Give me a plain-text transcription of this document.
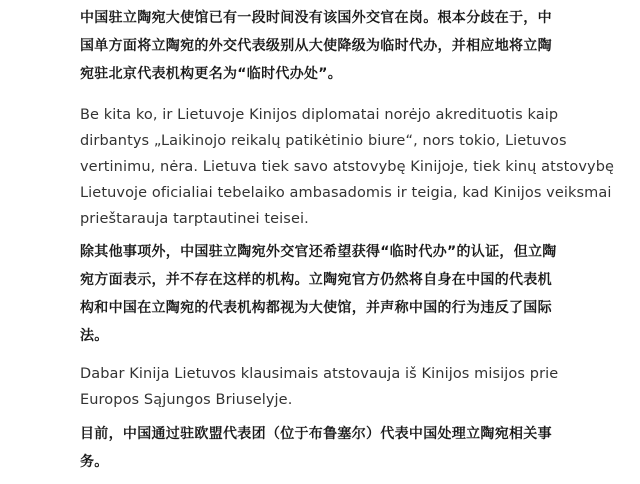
中国驻立陶宛大使馆已有一段时间没有该国外交官在岗。根本分歧在于，中
国单方面将立陶宛的外交代表级别从大使降级为临时代办，并相应地将立陶
宛驻北京代表机构更名为“临时代办处”。

Be kita ko, ir Lietuvoje Kinijos diplomatai norėjo akredituotis kaip
dirbantys „Laikinojo reikalų patikėtinio biure“, nors tokio, Lietuvos
vertinimu, nėra. Lietuva tiek savo atstovybę Kinijoje, tiek kinų atstovybę
Lietuvoje oficialiai tebelaiko ambasadomis ir teigia, kad Kinijos veiksmai
prieštarauja tarptautinei teisei.

除其他事项外，中国驻立陶宛外交官还希望获得“临时代办”的认证，但立陶
宛方面表示，并不存在这样的机构。立陶宛官方仍然将自身在中国的代表机
构和中国在立陶宛的代表机构都视为大使馆，并声称中国的行为违反了国际
法。

Dabar Kinija Lietuvos klausimais atstovauja iš Kinijos misijos prie
Europos Sąjungos Briuselyje.

目前，中国通过驻欧盟代表团（位于布鲁塞尔）代表中国处理立陶宛相关事
务。
